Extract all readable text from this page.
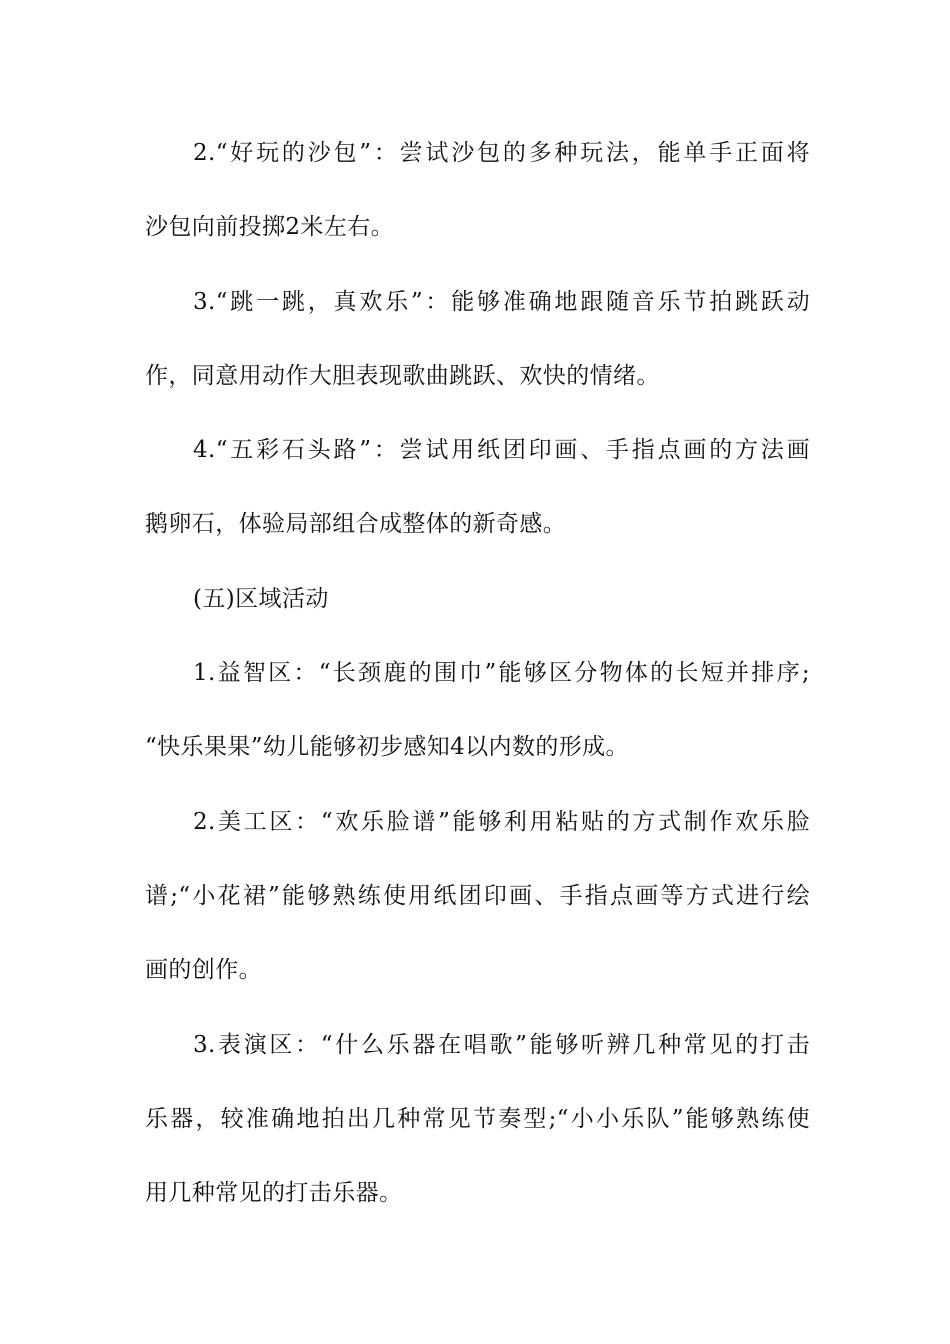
2.“好玩的沙包”：尝试沙包的多种玩法，能单手正面将
沙包向前投掷2米左右。
3.“跳一跳，真欢乐”：能够准确地跟随音乐节拍跳跃动
作，同意用动作大胆表现歌曲跳跃、欢快的情绪。
4.“五彩石头路”：尝试用纸团印画、手指点画的方法画
鹅卵石，体验局部组合成整体的新奇感。
(五)区域活动
1.益智区：“长颈鹿的围巾”能够区分物体的长短并排序;
“快乐果果”幼儿能够初步感知4以内数的形成。
2.美工区：“欢乐脸谱”能够利用粘贴的方式制作欢乐脸
谱;“小花裙”能够熟练使用纸团印画、手指点画等方式进行绘
画的创作。
3.表演区：“什么乐器在唱歌”能够听辨几种常见的打击
乐器，较准确地拍出几种常见节奏型;“小小乐队”能够熟练使
用几种常见的打击乐器。
